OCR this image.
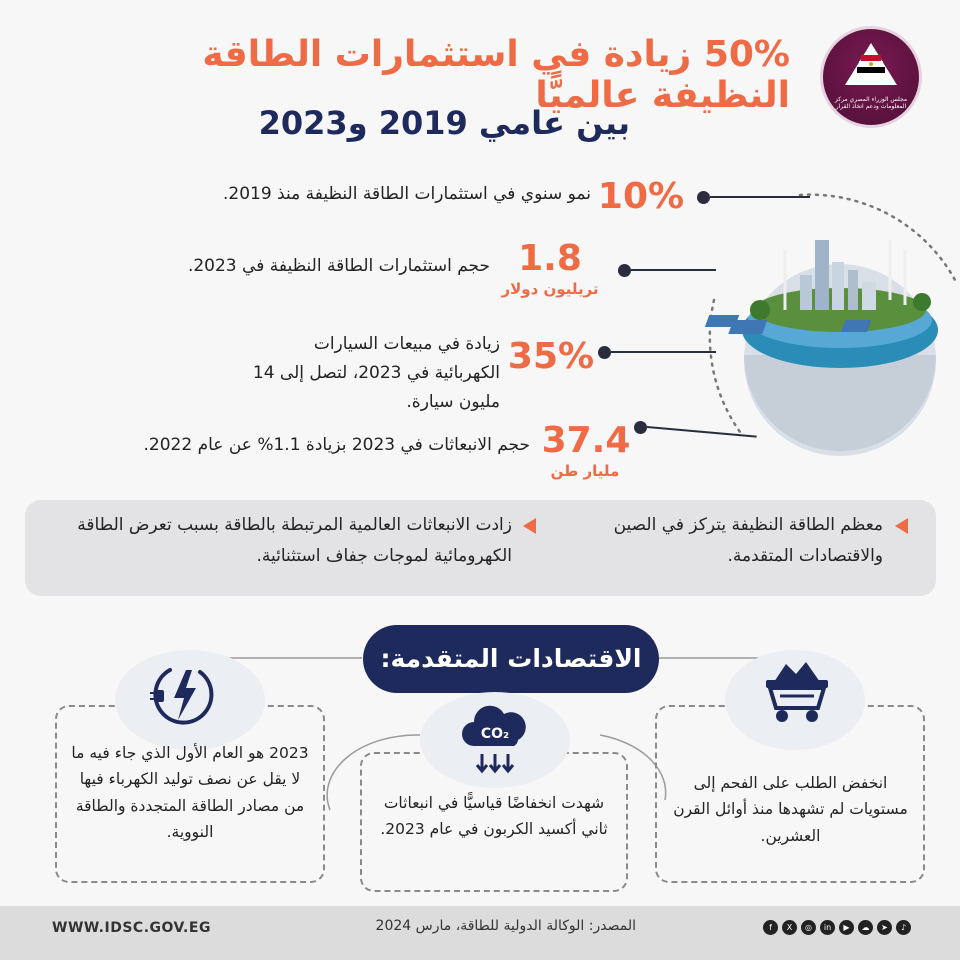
50% زيادة في استثمارات الطاقة النظيفة عالميًّا
بين عامي 2019 و2023
مجلس الوزراء المصري مركز المعلومات ودعم اتخاذ القرار
10%
نمو سنوي في استثمارات الطاقة النظيفة منذ 2019.
1.8
تريليون دولار
حجم استثمارات الطاقة النظيفة في 2023.
35%
زيادة في مبيعات السيارات الكهربائية في 2023، لتصل إلى 14 مليون سيارة.
37.4
مليار طن
حجم الانبعاثات في 2023 بزيادة 1.1% عن عام 2022.
معظم الطاقة النظيفة يتركز في الصين والاقتصادات المتقدمة.
زادت الانبعاثات العالمية المرتبطة بالطاقة بسبب تعرض الطاقة الكهرومائية لموجات جفاف استثنائية.
الاقتصادات المتقدمة:
انخفض الطلب على الفحم إلى مستويات لم تشهدها منذ أوائل القرن العشرين.
CO₂
شهدت انخفاضًا قياسيًّا في انبعاثات ثاني أكسيد الكربون في عام 2023.
2023 هو العام الأول الذي جاء فيه ما لا يقل عن نصف توليد الكهرباء فيها من مصادر الطاقة المتجددة والطاقة النووية.
WWW.IDSC.GOV.EG	المصدر: الوكالة الدولية للطاقة، مارس 2024	f	X	◎	in	▶	☁	➤	♪
